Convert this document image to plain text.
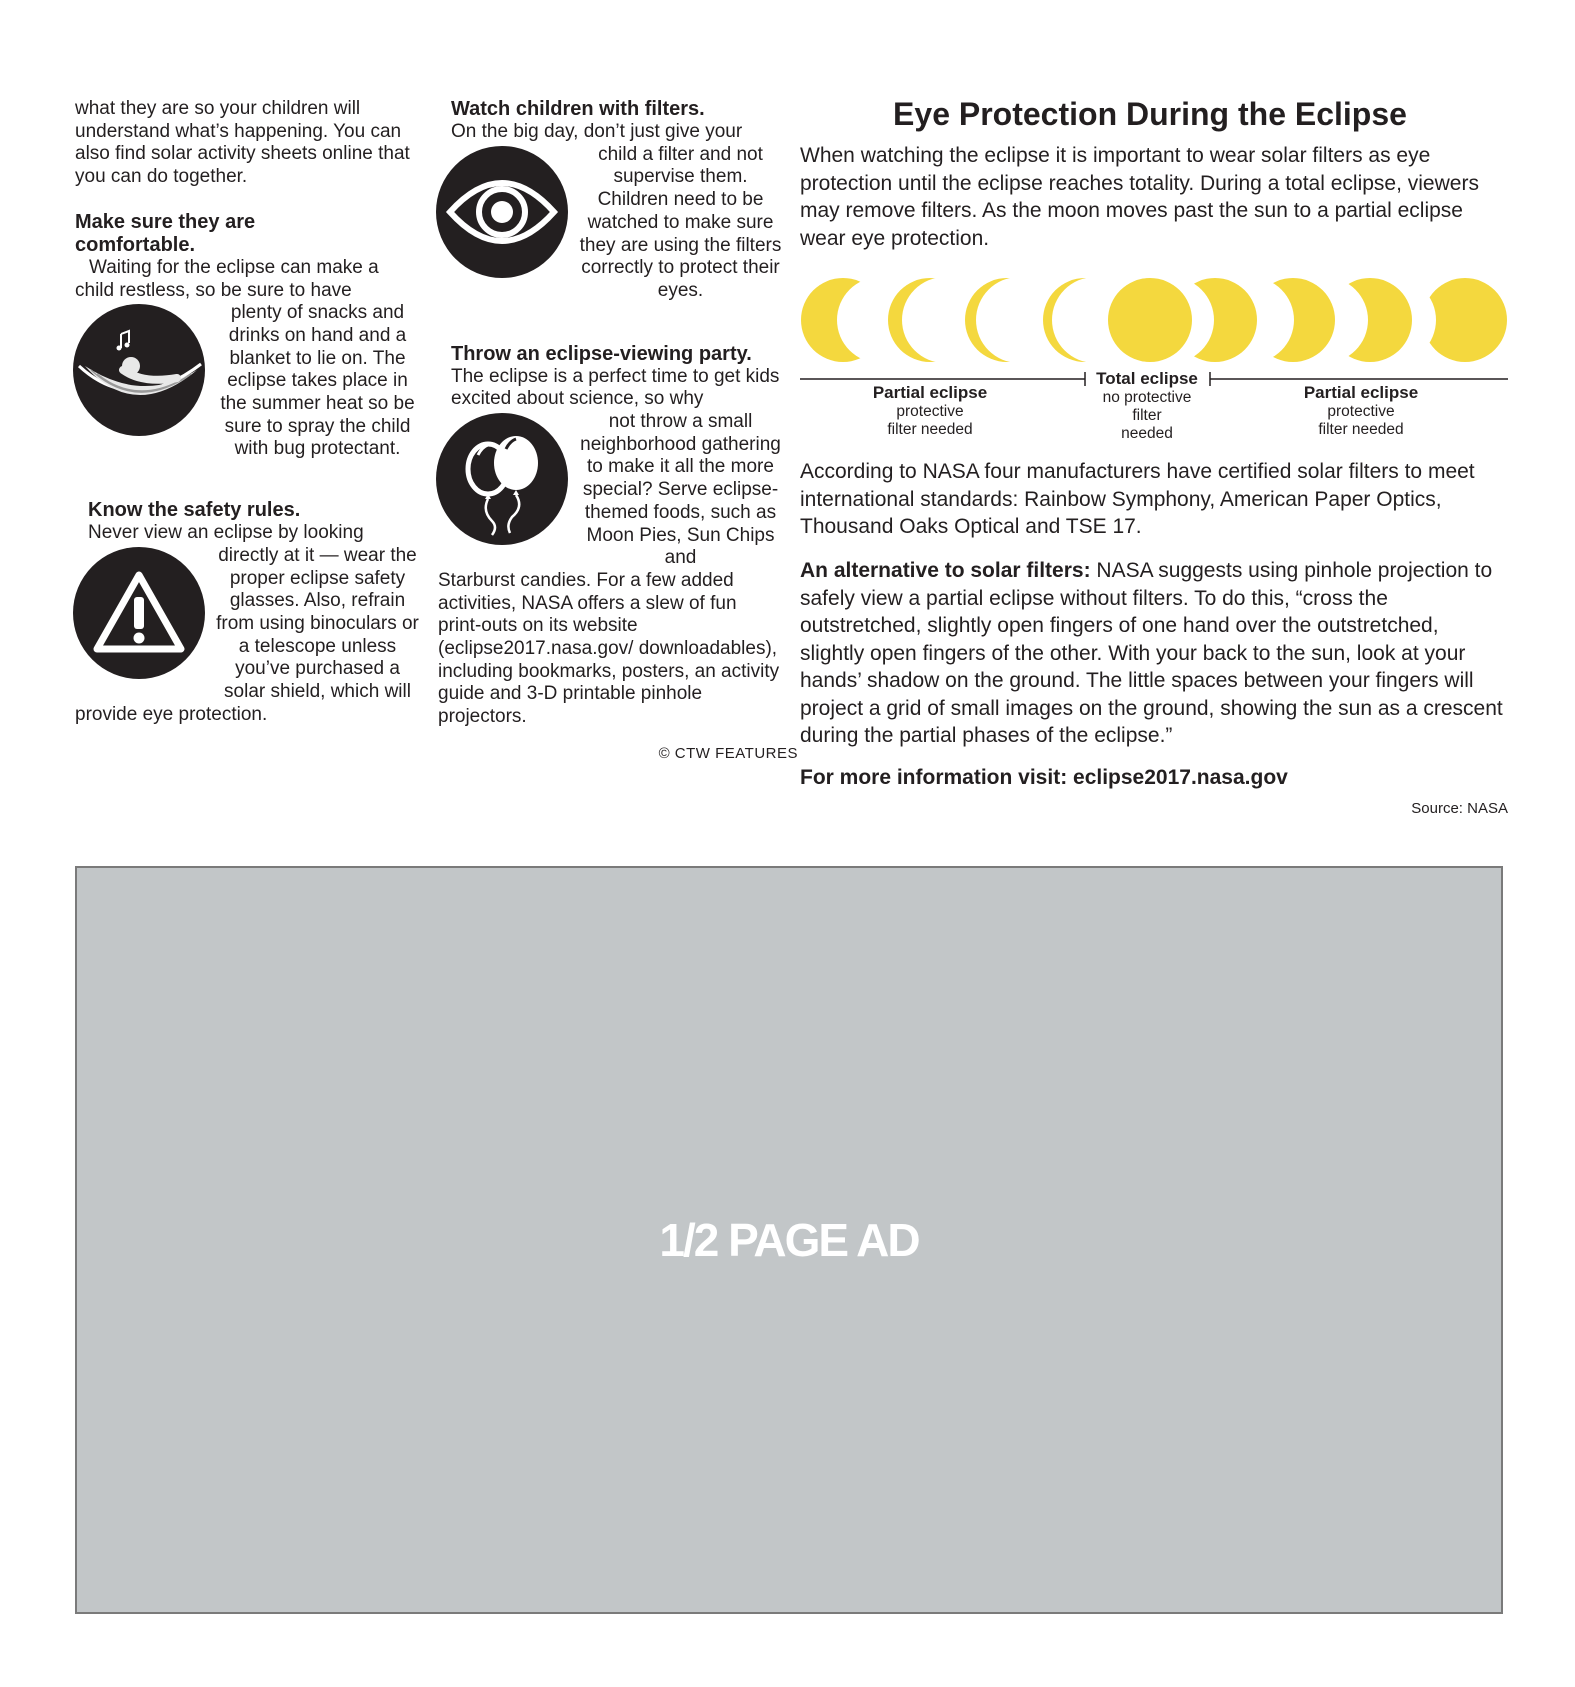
what they are so your children will understand what’s happening. You can also find solar activity sheets online that you can do together.

Make sure they are
comfortable.

Waiting for the eclipse can make a child restless, so be sure to have

plenty of snacks and drinks on hand and a blanket to lie on. The eclipse takes place in the summer heat so be sure to spray the child with bug protectant.

Know the safety rules.

Never view an eclipse by looking

directly at it — wear the proper eclipse safety glasses. Also, refrain from using binoculars or a telescope unless you’ve purchased a solar shield, which will

provide eye protection.

Watch children with filters.

On the big day, don’t just give your

child a filter and not supervise them. Children need to be watched to make sure they are using the filters correctly to protect their eyes.

Throw an eclipse-viewing party.

The eclipse is a perfect time to get kids excited about science, so why

not throw a small neighborhood gathering to make it all the more special? Serve eclipse-themed foods, such as Moon Pies, Sun Chips and

Starburst candies. For a few added activities, NASA offers a slew of fun print-outs on its website (eclipse2017.nasa.gov/ downloadables), including bookmarks, posters, an activity guide and 3-D printable pinhole projectors.

© CTW FEATURES
Eye Protection During the Eclipse

When watching the eclipse it is important to wear solar filters as eye protection until the eclipse reaches totality. During a total eclipse, viewers may remove filters. As the moon moves past the sun to a partial eclipse wear eye protection.

Partial eclipse
protective
filter needed
Total eclipse
no protective
filter
needed
Partial eclipse
protective
filter needed

According to NASA four manufacturers have certified solar filters to meet international standards: Rainbow Symphony, American Paper Optics, Thousand Oaks Optical and TSE 17.

An alternative to solar filters: NASA suggests using pinhole projection to safely view a partial eclipse without filters. To do this, “cross the outstretched, slightly open fingers of one hand over the outstretched, slightly open fingers of the other. With your back to the sun, look at your hands’ shadow on the ground. The little spaces between your fingers will project a grid of small images on the ground, showing the sun as a crescent during the partial phases of the eclipse.”

For more information visit: eclipse2017.nasa.gov

Source: NASA
1/2 PAGE AD
